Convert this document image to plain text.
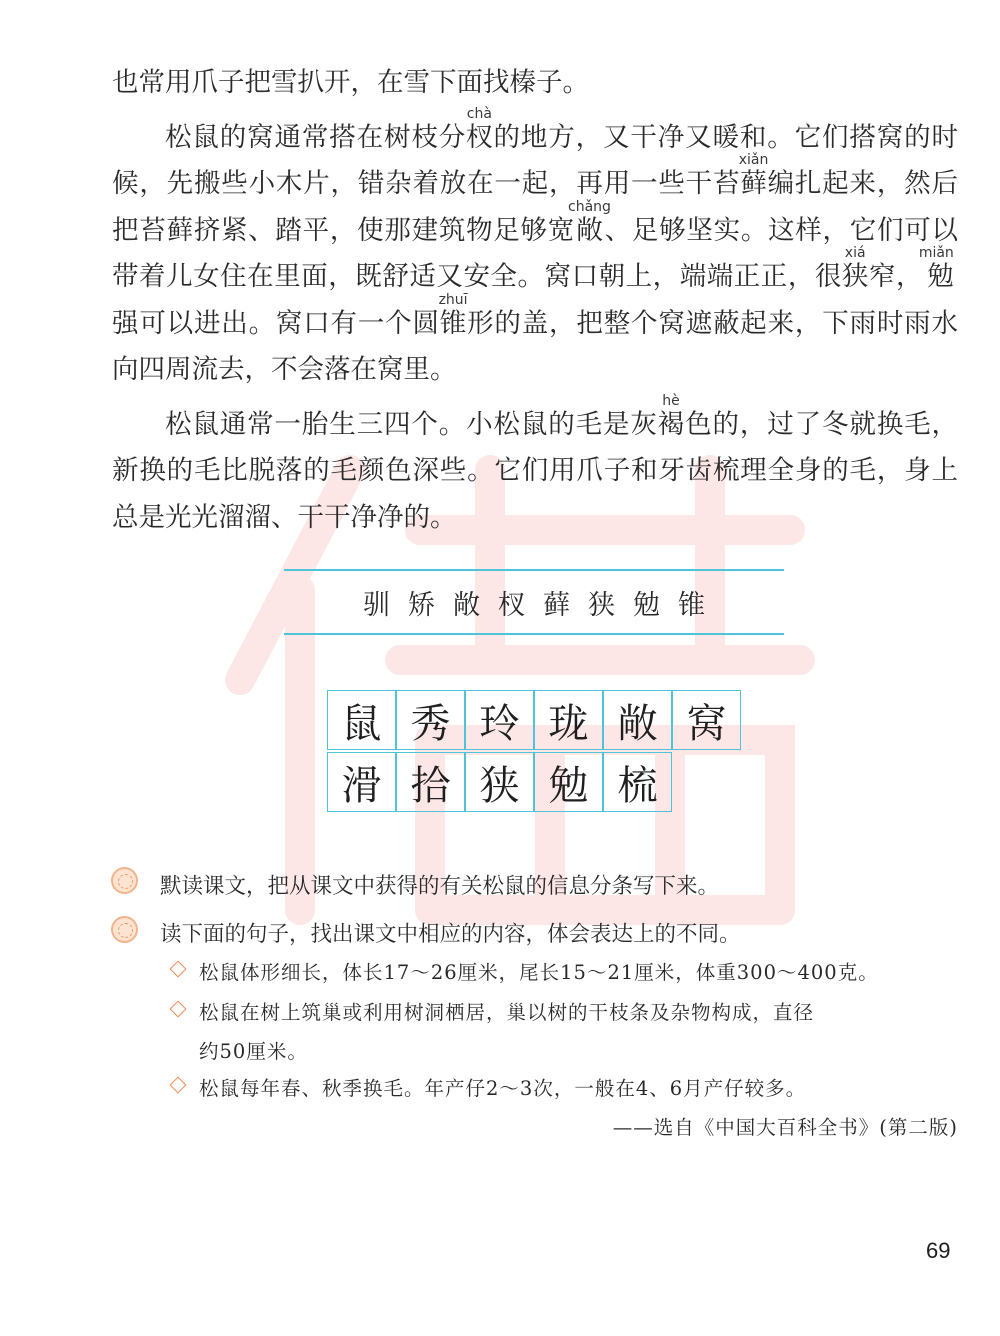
也常用爪子把雪扒开，在雪下面找榛子。

松鼠的窝通常搭在树枝分杈chà的地方，又干净又暖和。它们搭窝的时候，先搬些小木片，错杂着放在一起，再用一些干苔藓xiǎn编扎起来，然后把苔藓挤紧、踏平，使那建筑物足够宽敞chǎng、足够坚实。这样，它们可以带着儿女住在里面，既舒适又安全。窝口朝上，端端正正，很狭xiá窄，勉miǎn强可以进出。窝口有一个圆锥zhuī形的盖，把整个窝遮蔽起来，下雨时雨水向四周流去，不会落在窝里。

松鼠通常一胎生三四个。小松鼠的毛是灰褐hè色的，过了冬就换毛，新换的毛比脱落的毛颜色深些。它们用爪子和牙齿梳理全身的毛，身上总是光光溜溜、干干净净的。

驯 矫 敞 杈 藓 狭 勉 锥
鼠 秀 玲 珑 敞 窝
滑 拾 狭 勉 梳
默读课文，把从课文中获得的有关松鼠的信息分条写下来。
读下面的句子，找出课文中相应的内容，体会表达上的不同。
松鼠体形细长，体长17～26厘米，尾长15～21厘米，体重300～400克。
松鼠在树上筑巢或利用树洞栖居，巢以树的干枝条及杂物构成，直径
约50厘米。
松鼠每年春、秋季换毛。年产仔2～3次，一般在4、6月产仔较多。
——选自《中国大百科全书》(第二版)
69
